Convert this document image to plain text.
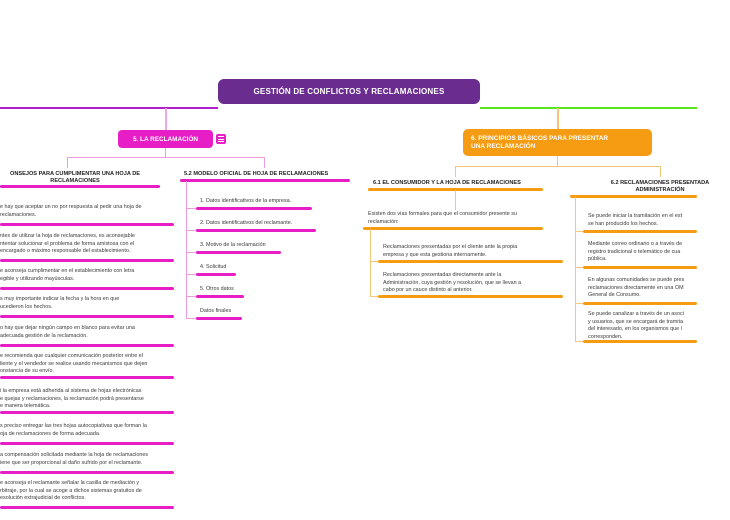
GESTIÓN DE CONFLICTOS Y RECLAMACIONES
5. LA RECLAMACIÓN
ONSEJOS PARA CUMPLIMENTAR UNA HOJA DE
RECLAMACIONES
e hay que aceptar un no por respuesta al pedir una hoja de
reclamaciones.
ntes de utilizar la hoja de reclamaciones, es aconsejable
ntentar solucionar el problema de forma amistosa con el
encargado o máximo responsable del establecimiento.
e aconseja cumplimentar en el establecimiento con letra
egible y utilizando mayúsculas.
s muy importante indicar la fecha y la hora en que
ucedieron los hechos.
o hay que dejar ningún campo en blanco para evitar una
adecuada gestión de la reclamación.
e recomienda que cualquier comunicación posterior entre el
liente y el vendedor se realice usando mecanismos que dejen
onstancia de su envío.
i la empresa está adherida al sistema de hojas electrónicas
e quejas y reclamaciones, la reclamación podrá presentarse
e manera telemática.
s preciso entregar las tres hojas autocopiativas que forman la
oja de reclamaciones de forma adecuada.
a compensación solicitada mediante la hoja de reclamaciones
iene que ser proporcional al daño sufrido por el reclamante.
e aconseja el reclamante señalar la casilla de mediación y
rbitraje, por la cual se acoge a dichos sistemas gratuitos de
esolución extrajudicial de conflictos.
5.2 MODELO OFICIAL DE HOJA DE RECLAMACIONES
1. Datos identificativos de la empresa.
2. Datos identificativos del reclamante.
3. Motivo de la reclamación
4. Solicitud
5. Otros datos
Datos finales
6. PRINCIPIOS BÁSICOS PARA PRESENTAR
UNA RECLAMACIÓN
6.1 EL CONSUMIDOR Y LA HOJA DE RECLAMACIONES
Existen dos vías formales para que el consumidor presente su
reclamación:
Reclamaciones presentadas por el cliente ante la propia
empresa y que esta gestiona internamente.
Reclamaciones presentadas directamente ante la
Administración, cuya gestión y resolución, que se llevan a
cabo por un cauce distinto al anterior.
6.2 RECLAMACIONES PRESENTADA
ADMINISTRACIÓN
Se puede iniciar la tramitación en el est
se han producido los hechos.
Mediante correo ordinario o a través de
registro tradicional o telemático de cua
pública.
En algunas comunidades se puede pres
reclamaciones directamente en una OM
General de Consumo.
Se puede canalizar a través de un asoci
y usuarios, que se encargará de tramita
del interesado, en los organismos que l
corresponden.
